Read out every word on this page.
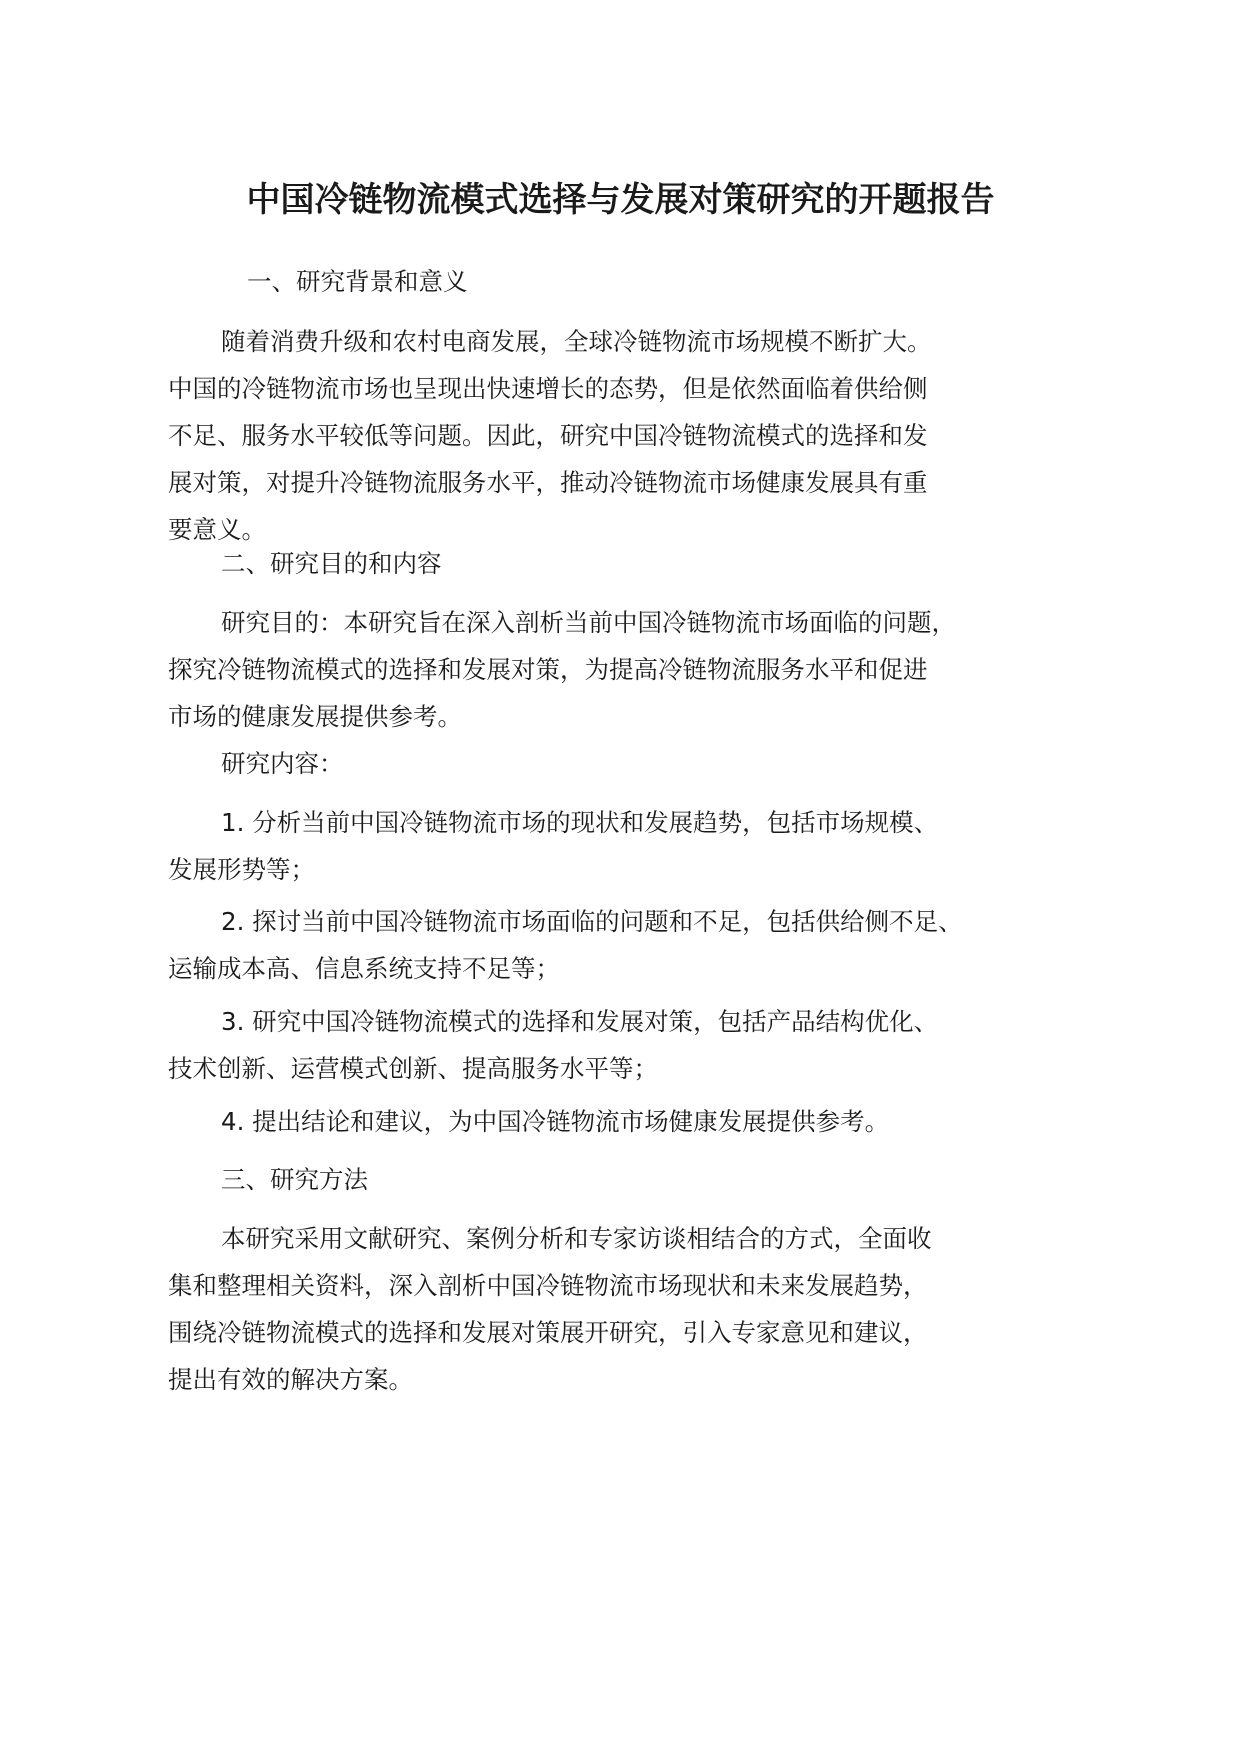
中国冷链物流模式选择与发展对策研究的开题报告

一、研究背景和意义

随着消费升级和农村电商发展，全球冷链物流市场规模不断扩大。
中国的冷链物流市场也呈现出快速增长的态势，但是依然面临着供给侧
不足、服务水平较低等问题。因此，研究中国冷链物流模式的选择和发
展对策，对提升冷链物流服务水平，推动冷链物流市场健康发展具有重
要意义。

二、研究目的和内容

研究目的：本研究旨在深入剖析当前中国冷链物流市场面临的问题，
探究冷链物流模式的选择和发展对策，为提高冷链物流服务水平和促进
市场的健康发展提供参考。

研究内容：

1. 分析当前中国冷链物流市场的现状和发展趋势，包括市场规模、
发展形势等；

2. 探讨当前中国冷链物流市场面临的问题和不足，包括供给侧不足、
运输成本高、信息系统支持不足等；

3. 研究中国冷链物流模式的选择和发展对策，包括产品结构优化、
技术创新、运营模式创新、提高服务水平等；

4. 提出结论和建议，为中国冷链物流市场健康发展提供参考。

三、研究方法

本研究采用文献研究、案例分析和专家访谈相结合的方式，全面收
集和整理相关资料，深入剖析中国冷链物流市场现状和未来发展趋势，
围绕冷链物流模式的选择和发展对策展开研究，引入专家意见和建议，
提出有效的解决方案。
